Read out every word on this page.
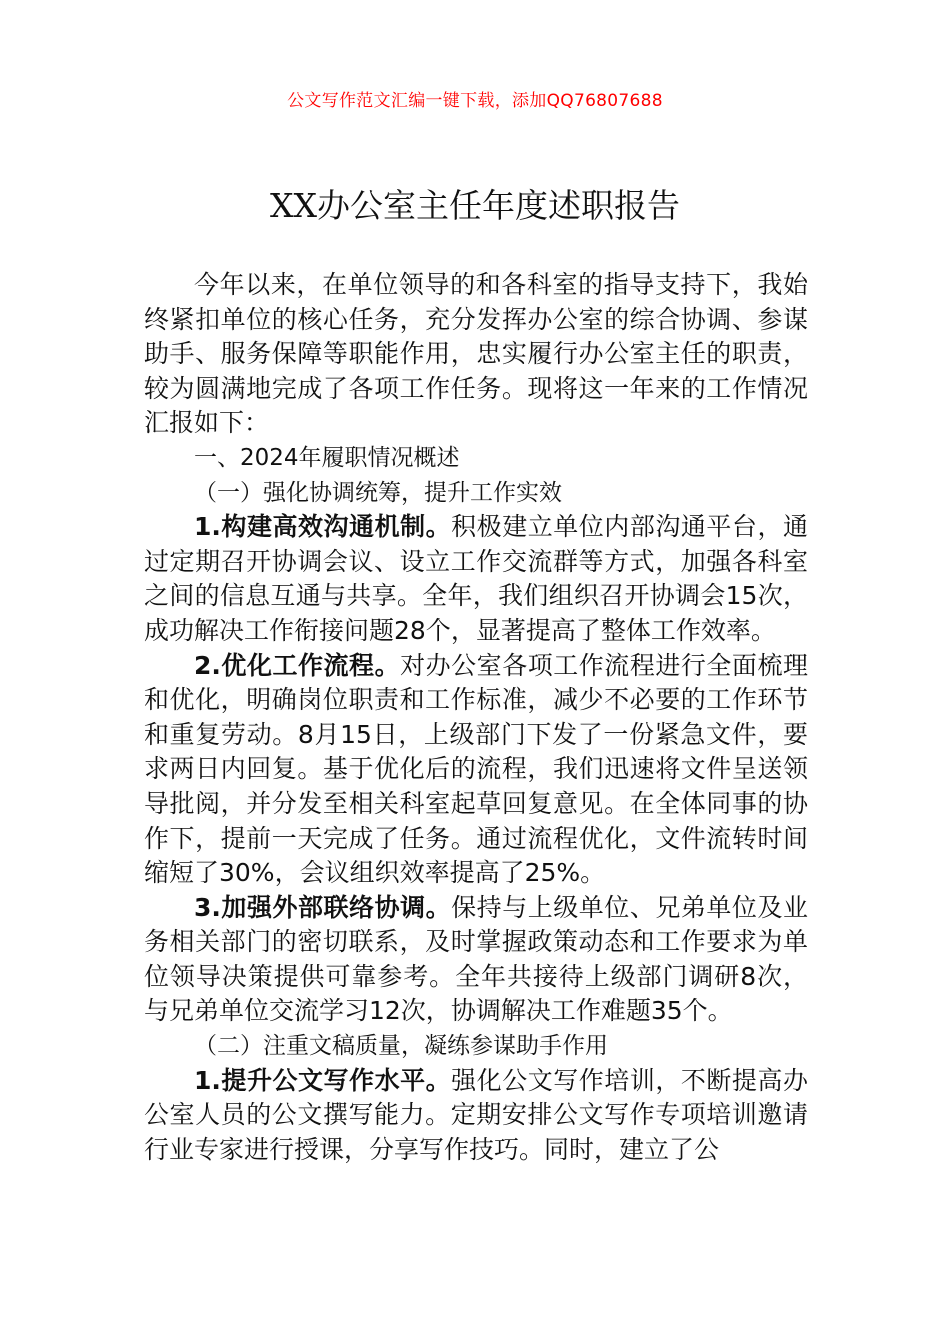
公文写作范文汇编一键下载，添加QQ76807688
XX办公室主任年度述职报告

今年以来，在单位领导的和各科室的指导支持下，我始终紧扣单位的核心任务，充分发挥办公室的综合协调、参谋助手、服务保障等职能作用，忠实履行办公室主任的职责，较为圆满地完成了各项工作任务。现将这一年来的工作情况汇报如下：

一、2024年履职情况概述

（一）强化协调统筹，提升工作实效

1.构建高效沟通机制。积极建立单位内部沟通平台，通过定期召开协调会议、设立工作交流群等方式，加强各科室之间的信息互通与共享。全年，我们组织召开协调会15次，成功解决工作衔接问题28个，显著提高了整体工作效率。

2.优化工作流程。对办公室各项工作流程进行全面梳理和优化，明确岗位职责和工作标准，减少不必要的工作环节和重复劳动。8月15日，上级部门下发了一份紧急文件，要求两日内回复。基于优化后的流程，我们迅速将文件呈送领导批阅，并分发至相关科室起草回复意见。在全体同事的协作下，提前一天完成了任务。通过流程优化，文件流转时间缩短了30%，会议组织效率提高了25%。

3.加强外部联络协调。保持与上级单位、兄弟单位及业务相关部门的密切联系，及时掌握政策动态和工作要求为单位领导决策提供可靠参考。全年共接待上级部门调研8次，与兄弟单位交流学习12次，协调解决工作难题35个。

（二）注重文稿质量，凝练参谋助手作用

1.提升公文写作水平。强化公文写作培训，不断提高办公室人员的公文撰写能力。定期安排公文写作专项培训邀请行业专家进行授课，分享写作技巧。同时，建立了公
